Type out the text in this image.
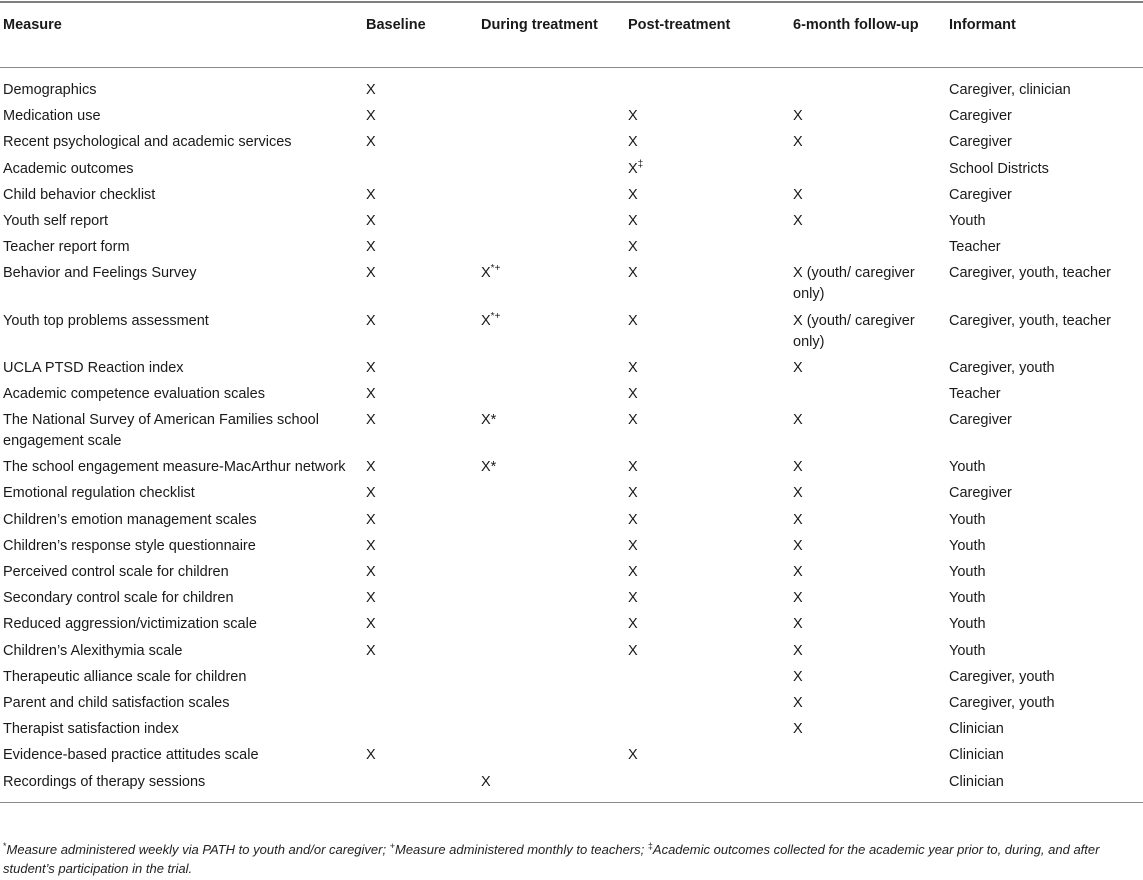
Measure	Baseline	During treatment	Post-treatment	6-month follow-up	Informant
Demographics	X				Caregiver, clinician
Medication use	X		X	X	Caregiver
Recent psychological and academic services	X		X	X	Caregiver
Academic outcomes			X‡		School Districts
Child behavior checklist	X		X	X	Caregiver
Youth self report	X		X	X	Youth
Teacher report form	X		X		Teacher
Behavior and Feelings Survey	X	X*+	X	X (youth/ caregiver only)	Caregiver, youth, teacher
Youth top problems assessment	X	X*+	X	X (youth/ caregiver only)	Caregiver, youth, teacher
UCLA PTSD Reaction index	X		X	X	Caregiver, youth
Academic competence evaluation scales	X		X		Teacher
The National Survey of American Families school engagement scale	X	X*	X	X	Caregiver
The school engagement measure-MacArthur network	X	X*	X	X	Youth
Emotional regulation checklist	X		X	X	Caregiver
Children’s emotion management scales	X		X	X	Youth
Children’s response style questionnaire	X		X	X	Youth
Perceived control scale for children	X		X	X	Youth
Secondary control scale for children	X		X	X	Youth
Reduced aggression/victimization scale	X		X	X	Youth
Children’s Alexithymia scale	X		X	X	Youth
Therapeutic alliance scale for children				X	Caregiver, youth
Parent and child satisfaction scales				X	Caregiver, youth
Therapist satisfaction index				X	Clinician
Evidence-based practice attitudes scale	X		X		Clinician
Recordings of therapy sessions		X			Clinician
*Measure administered weekly via PATH to youth and/or caregiver; +Measure administered monthly to teachers; ‡Academic outcomes collected for the academic year prior to, during, and after student’s participation in the trial.
